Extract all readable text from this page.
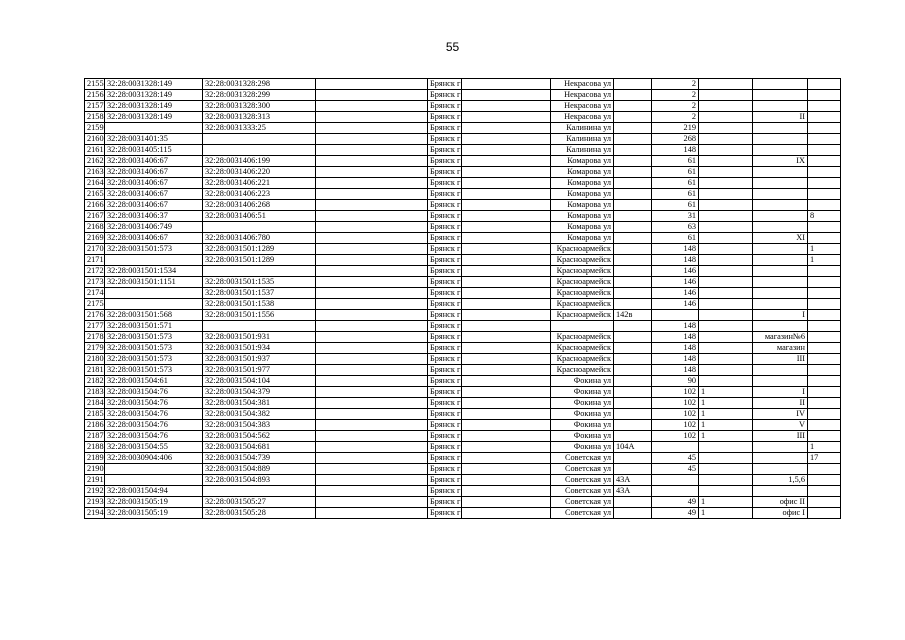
55
2155	32:28:0031328:149	32:28:0031328:298		Брянск г		Некрасова ул		2			
2156	32:28:0031328:149	32:28:0031328:299		Брянск г		Некрасова ул		2			
2157	32:28:0031328:149	32:28:0031328:300		Брянск г		Некрасова ул		2			
2158	32:28:0031328:149	32:28:0031328:313		Брянск г		Некрасова ул		2		II	
2159		32:28:0031333:25		Брянск г		Калинина ул		219			
2160	32:28:0031401:35			Брянск г		Калинина ул		268			
2161	32:28:0031405:115			Брянск г		Калинина ул		148			
2162	32:28:0031406:67	32:28:0031406:199		Брянск г		Комарова ул		61		IX	
2163	32:28:0031406:67	32:28:0031406:220		Брянск г		Комарова ул		61			
2164	32:28:0031406:67	32:28:0031406:221		Брянск г		Комарова ул		61			
2165	32:28:0031406:67	32:28:0031406:223		Брянск г		Комарова ул		61			
2166	32:28:0031406:67	32:28:0031406:268		Брянск г		Комарова ул		61			
2167	32:28:0031406:37	32:28:0031406:51		Брянск г		Комарова ул		31			8
2168	32:28:0031406:749			Брянск г		Комарова ул		63			
2169	32:28:0031406:67	32:28:0031406:780		Брянск г		Комарова ул		61		XI	
2170	32:28:0031501:573	32:28:0031501:1289		Брянск г		Красноармейск		148			1
2171		32:28:0031501:1289		Брянск г		Красноармейск		148			1
2172	32:28:0031501:1534			Брянск г		Красноармейск		146			
2173	32:28:0031501:1151	32:28:0031501:1535		Брянск г		Красноармейск		146			
2174		32:28:0031501:1537		Брянск г		Красноармейск		146			
2175		32:28:0031501:1538		Брянск г		Красноармейск		146			
2176	32:28:0031501:568	32:28:0031501:1556		Брянск г		Красноармейск	142в			I	
2177	32:28:0031501:571			Брянск г				148			
2178	32:28:0031501:573	32:28:0031501:931		Брянск г		Красноармейск		148		магазин№6	
2179	32:28:0031501:573	32:28:0031501:934		Брянск г		Красноармейск		148		магазин	
2180	32:28:0031501:573	32:28:0031501:937		Брянск г		Красноармейск		148		III	
2181	32:28:0031501:573	32:28:0031501:977		Брянск г		Красноармейск		148			
2182	32:28:0031504:61	32:28:0031504:104		Брянск г		Фокина ул		90			
2183	32:28:0031504:76	32:28:0031504:379		Брянск г		Фокина ул		102	1	I	
2184	32:28:0031504:76	32:28:0031504:381		Брянск г		Фокина ул		102	1	II	
2185	32:28:0031504:76	32:28:0031504:382		Брянск г		Фокина ул		102	1	IV	
2186	32:28:0031504:76	32:28:0031504:383		Брянск г		Фокина ул		102	1	V	
2187	32:28:0031504:76	32:28:0031504:562		Брянск г		Фокина ул		102	1	III	
2188	32:28:0031504:55	32:28:0031504:681		Брянск г		Фокина ул	104А				1
2189	32:28:0030904:406	32:28:0031504:739		Брянск г		Советская ул		45			17
2190		32:28:0031504:889		Брянск г		Советская ул		45			
2191		32:28:0031504:893		Брянск г		Советская ул	43А			1,5,6	
2192	32:28:0031504:94			Брянск г		Советская ул	43А				
2193	32:28:0031505:19	32:28:0031505:27		Брянск г		Советская ул		49	1	офис II	
2194	32:28:0031505:19	32:28:0031505:28		Брянск г		Советская ул		49	1	офис I	
